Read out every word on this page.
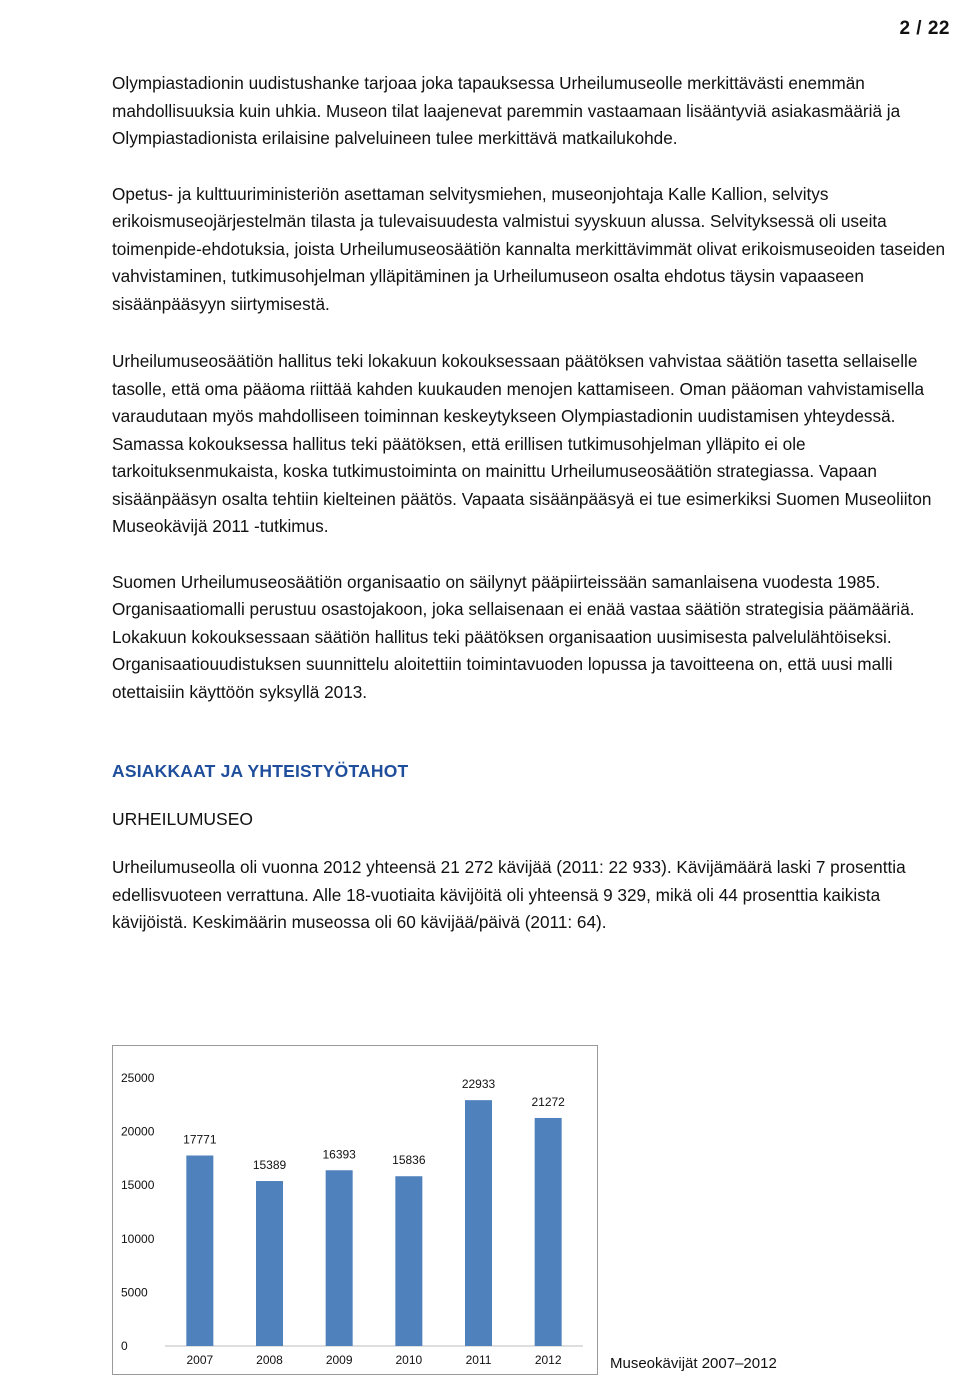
2 / 22

Olympiastadionin uudistushanke tarjoaa joka tapauksessa Urheilumuseolle merkittävästi enemmän mahdollisuuksia kuin uhkia. Museon tilat laajenevat paremmin vastaamaan lisääntyviä asiakasmääriä ja Olympiastadionista erilaisine palveluineen tulee merkittävä matkailukohde.

Opetus- ja kulttuuriministeriön asettaman selvitysmiehen, museonjohtaja Kalle Kallion, selvitys erikoismuseojärjestelmän tilasta ja tulevaisuudesta valmistui syyskuun alussa. Selvityksessä oli useita toimenpide-ehdotuksia, joista Urheilumuseosäätiön kannalta merkittävimmät olivat erikoismuseoiden taseiden vahvistaminen, tutkimusohjelman ylläpitäminen ja Urheilumuseon osalta ehdotus täysin vapaaseen sisäänpääsyyn siirtymisestä.

Urheilumuseosäätiön hallitus teki lokakuun kokouksessaan päätöksen vahvistaa säätiön tasetta sellaiselle tasolle, että oma pääoma riittää kahden kuukauden menojen kattamiseen. Oman pääoman vahvistamisella varaudutaan myös mahdolliseen toiminnan keskeytykseen Olympiastadionin uudistamisen yhteydessä. Samassa kokouksessa hallitus teki päätöksen, että erillisen tutkimusohjelman ylläpito ei ole tarkoituksenmukaista, koska tutkimustoiminta on mainittu Urheilumuseosäätiön strategiassa. Vapaan sisäänpääsyn osalta tehtiin kielteinen päätös. Vapaata sisäänpääsyä ei tue esimerkiksi Suomen Museoliiton Museokävijä 2011 -tutkimus.

Suomen Urheilumuseosäätiön organisaatio on säilynyt pääpiirteissään samanlaisena vuodesta 1985. Organisaatiomalli perustuu osastojakoon, joka sellaisenaan ei enää vastaa säätiön strategisia päämääriä. Lokakuun kokouksessaan säätiön hallitus teki päätöksen organisaation uusimisesta palvelulähtöiseksi. Organisaatiouudistuksen suunnittelu aloitettiin toimintavuoden lopussa ja tavoitteena on, että uusi malli otettaisiin käyttöön syksyllä 2013.

ASIAKKAAT JA YHTEISTYÖTAHOT
URHEILUMUSEO

Urheilumuseolla oli vuonna 2012 yhteensä 21 272 kävijää (2011: 22 933). Kävijämäärä laski 7 prosenttia edellisvuoteen verrattuna. Alle 18-vuotiaita kävijöitä oli yhteensä 9 329, mikä oli 44 prosenttia kaikista kävijöistä. Keskimäärin museossa oli 60 kävijää/päivä (2011: 64).

0
5000
10000
15000
20000
25000
17771
2007
15389
2008
16393
2009
15836
2010
22933
2011
21272
2012	Museokävijät 2007–2012
